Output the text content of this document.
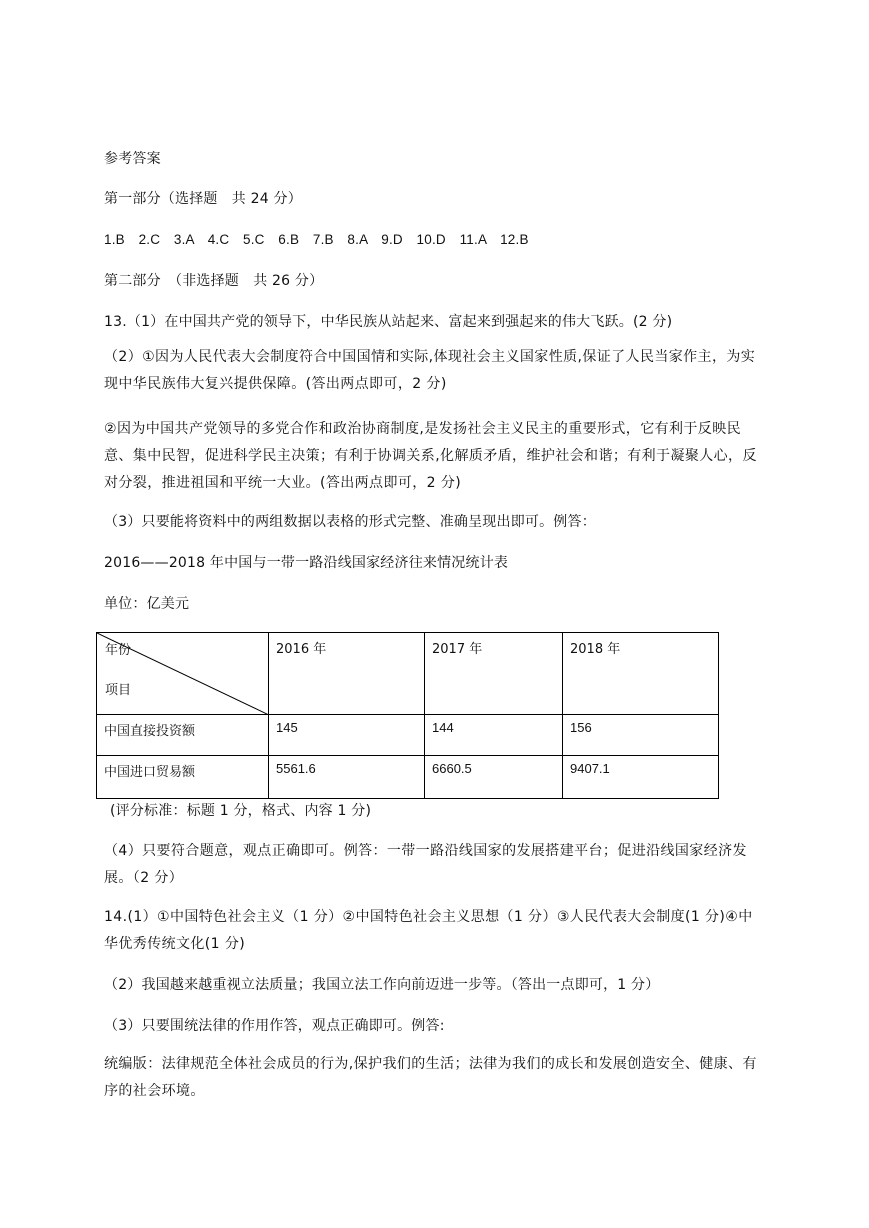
参考答案
第一部分（选择题　共 24 分）
1.B　2.C　3.A　4.C　5.C　6.B　7.B　8.A　9.D　10.D　11.A　12.B
第二部分　（非选择题　共 26 分）
13.（1）在中国共产党的领导下，中华民族从站起来、富起来到强起来的伟大飞跃。(2 分)
（2）①因为人民代表大会制度符合中国国情和实际,体现社会主义国家性质,保证了人民当家作主，为实现中华民族伟大复兴提供保障。(答出两点即可，2 分)
②因为中国共产党领导的多党合作和政治协商制度,是发扬社会主义民主的重要形式，它有利于反映民意、集中民智，促进科学民主决策；有利于协调关系,化解质矛盾，维护社会和谐；有利于凝聚人心，反对分裂，推进祖国和平统一大业。(答出两点即可，2 分)
（3）只要能将资料中的两组数据以表格的形式完整、准确呈现出即可。例答：
2016——2018 年中国与一带一路沿线国家经济往来情况统计表
单位：亿美元
年份
项目	2016 年	2017 年	2018 年
中国直接投资额	145	144	156
中国进口贸易额	5561.6	6660.5	9407.1
(评分标准：标题 1 分，格式、内容 1 分)
（4）只要符合题意，观点正确即可。例答：一带一路沿线国家的发展搭建平台；促进沿线国家经济发展。（2 分）
14.(1）①中国特色社会主义（1 分）②中国特色社会主义思想（1 分）③人民代表大会制度(1 分)④中华优秀传统文化(1 分)
（2）我国越来越重视立法质量；我国立法工作向前迈进一步等。（答出一点即可，1 分）
（3）只要围统法律的作用作答，观点正确即可。例答:
统编版：法律规范全体社会成员的行为,保护我们的生活；法律为我们的成长和发展创造安全、健康、有序的社会环境。
